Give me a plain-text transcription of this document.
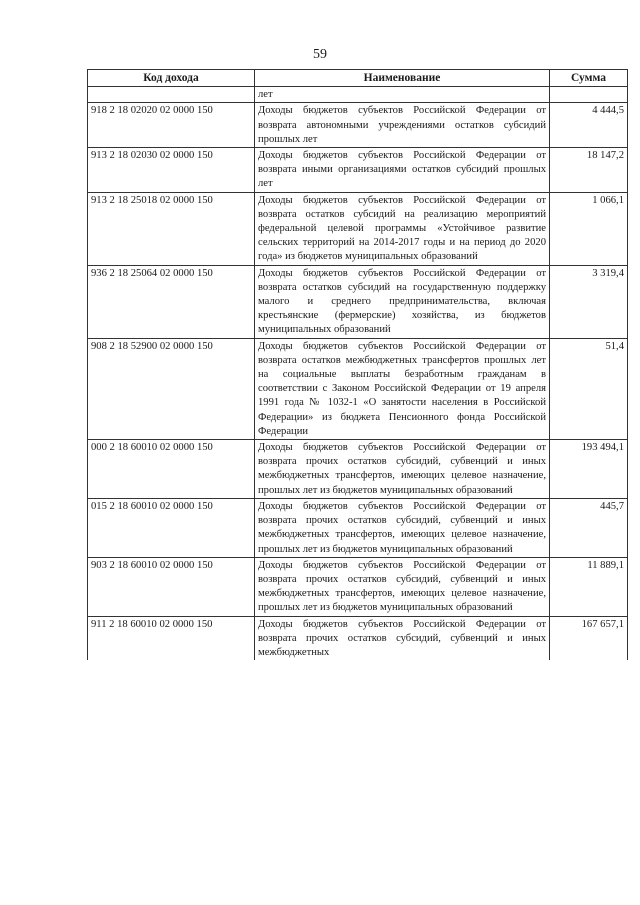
59
Код дохода	Наименование	Сумма
	лет	
918 2 18 02020 02 0000 150	Доходы бюджетов субъектов Российской Федерации от возврата автономными учреждениями остатков субсидий прошлых лет	4 444,5
913 2 18 02030 02 0000 150	Доходы бюджетов субъектов Российской Федерации от возврата иными организациями остатков субсидий прошлых лет	18 147,2
913 2 18 25018 02 0000 150	Доходы бюджетов субъектов Российской Федерации от возврата остатков субсидий на реализацию мероприятий федеральной целевой программы «Устойчивое развитие сельских территорий на 2014-2017 годы и на период до 2020 года» из бюджетов муниципальных образований	1 066,1
936 2 18 25064 02 0000 150	Доходы бюджетов субъектов Российской Федерации от возврата остатков субсидий на государственную поддержку малого и среднего предпринимательства, включая крестьянские (фермерские) хозяйства, из бюджетов муниципальных образований	3 319,4
908 2 18 52900 02 0000 150	Доходы бюджетов субъектов Российской Федерации от возврата остатков межбюджетных трансфертов прошлых лет на социальные выплаты безработным гражданам в соответствии с Законом Российской Федерации от 19 апреля 1991 года № 1032-1 «О занятости населения в Российской Федерации» из бюджета Пенсионного фонда Российской Федерации	51,4
000 2 18 60010 02 0000 150	Доходы бюджетов субъектов Российской Федерации от возврата прочих остатков субсидий, субвенций и иных межбюджетных трансфертов, имеющих целевое назначение, прошлых лет из бюджетов муниципальных образований	193 494,1
015 2 18 60010 02 0000 150	Доходы бюджетов субъектов Российской Федерации от возврата прочих остатков субсидий, субвенций и иных межбюджетных трансфертов, имеющих целевое назначение, прошлых лет из бюджетов муниципальных образований	445,7
903 2 18 60010 02 0000 150	Доходы бюджетов субъектов Российской Федерации от возврата прочих остатков субсидий, субвенций и иных межбюджетных трансфертов, имеющих целевое назначение, прошлых лет из бюджетов муниципальных образований	11 889,1
911 2 18 60010 02 0000 150	Доходы бюджетов субъектов Российской Федерации от возврата прочих остатков субсидий, субвенций и иных межбюджетных	167 657,1
